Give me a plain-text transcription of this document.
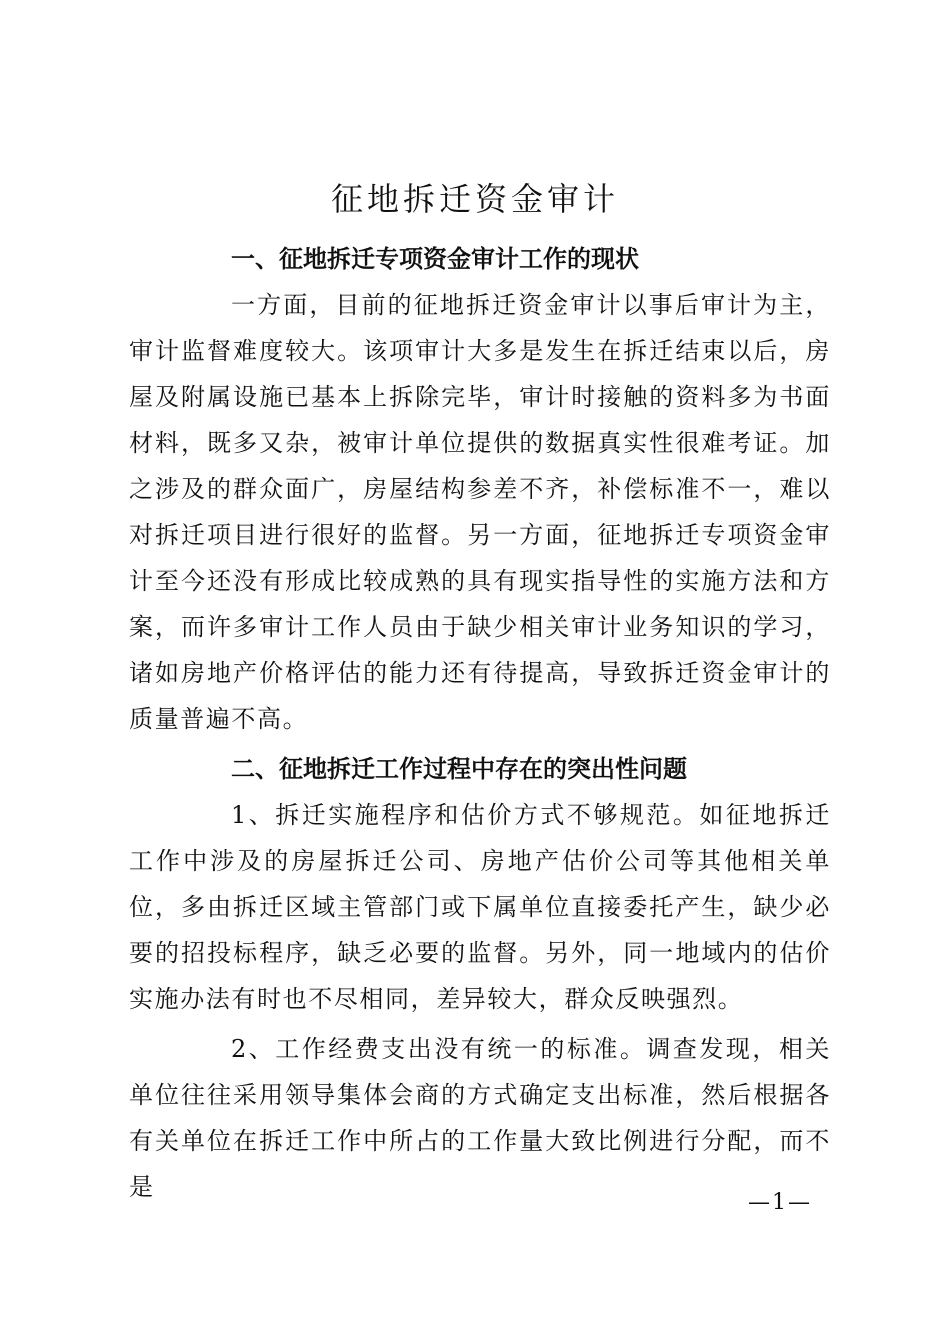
征地拆迁资金审计
一、征地拆迁专项资金审计工作的现状

一方面，目前的征地拆迁资金审计以事后审计为主，审计监督难度较大。该项审计大多是发生在拆迁结束以后，房屋及附属设施已基本上拆除完毕，审计时接触的资料多为书面材料，既多又杂，被审计单位提供的数据真实性很难考证。加之涉及的群众面广，房屋结构参差不齐，补偿标准不一，难以对拆迁项目进行很好的监督。另一方面，征地拆迁专项资金审计至今还没有形成比较成熟的具有现实指导性的实施方法和方案，而许多审计工作人员由于缺少相关审计业务知识的学习，诸如房地产价格评估的能力还有待提高，导致拆迁资金审计的质量普遍不高。

二、征地拆迁工作过程中存在的突出性问题

1、拆迁实施程序和估价方式不够规范。如征地拆迁工作中涉及的房屋拆迁公司、房地产估价公司等其他相关单位，多由拆迁区域主管部门或下属单位直接委托产生，缺少必要的招投标程序，缺乏必要的监督。另外，同一地域内的估价实施办法有时也不尽相同，差异较大，群众反映强烈。

2、工作经费支出没有统一的标准。调查发现，相关单位往往采用领导集体会商的方式确定支出标准，然后根据各有关单位在拆迁工作中所占的工作量大致比例进行分配，而不是

—1—
